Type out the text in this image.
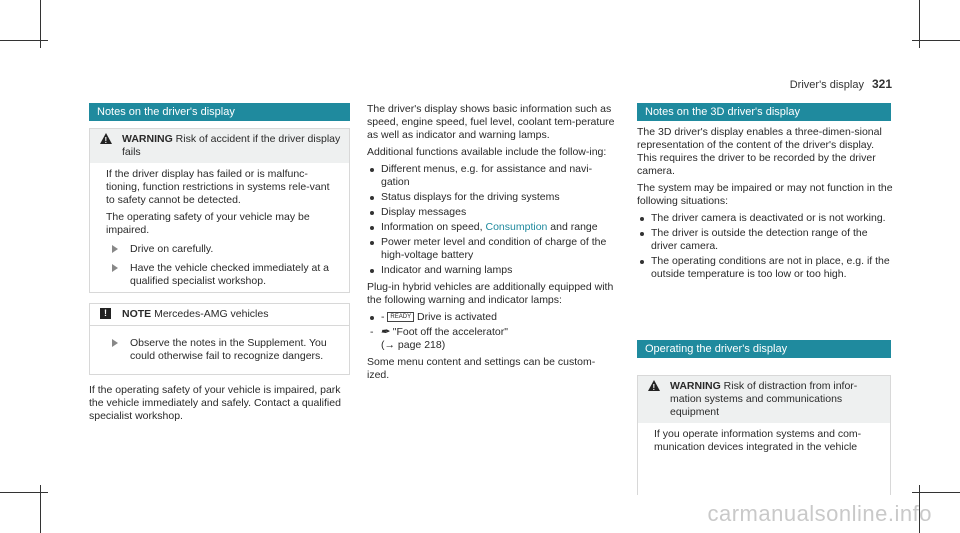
Driver's display 321
Notes on the driver's display
!
WARNING Risk of accident if the driver display fails

If the driver display has failed or is malfunc-tioning, function restrictions in systems rele-vant to safety cannot be detected.

The operating safety of your vehicle may be impaired.

Drive on carefully.
Have the vehicle checked immediately at a qualified specialist workshop.
!	NOTE Mercedes-AMG vehicles
Observe the notes in the Supplement. You could otherwise fail to recognize dangers.

If the operating safety of your vehicle is impaired, park the vehicle immediately and safely. Contact a qualified specialist workshop.

The driver's display shows basic information such as speed, engine speed, fuel level, coolant tem-perature as well as indicator and warning lamps.

Additional functions available include the follow-ing:

Different menus, e.g. for assistance and navi-gation
Status displays for the driving systems
Display messages
Information on speed, Consumption and range
Power meter level and condition of charge of the high-voltage battery
Indicator and warning lamps

Plug-in hybrid vehicles are additionally equipped with the following warning and indicator lamps:

- READY Drive is activated
- ✒ "Foot off the accelerator"
(→ page 218)

Some menu content and settings can be custom-ized.

Notes on the 3D driver's display

The 3D driver's display enables a three-dimen-sional representation of the content of the driver's display. This requires the driver to be recorded by the driver camera.

The system may be impaired or may not function in the following situations:

The driver camera is deactivated or is not working.
The driver is outside the detection range of the driver camera.
The operating conditions are not in place, e.g. if the outside temperature is too low or too high.
Operating the driver's display
!
WARNING Risk of distraction from infor-mation systems and communications equipment

If you operate information systems and com-munication devices integrated in the vehicle

carmanualsonline.info
